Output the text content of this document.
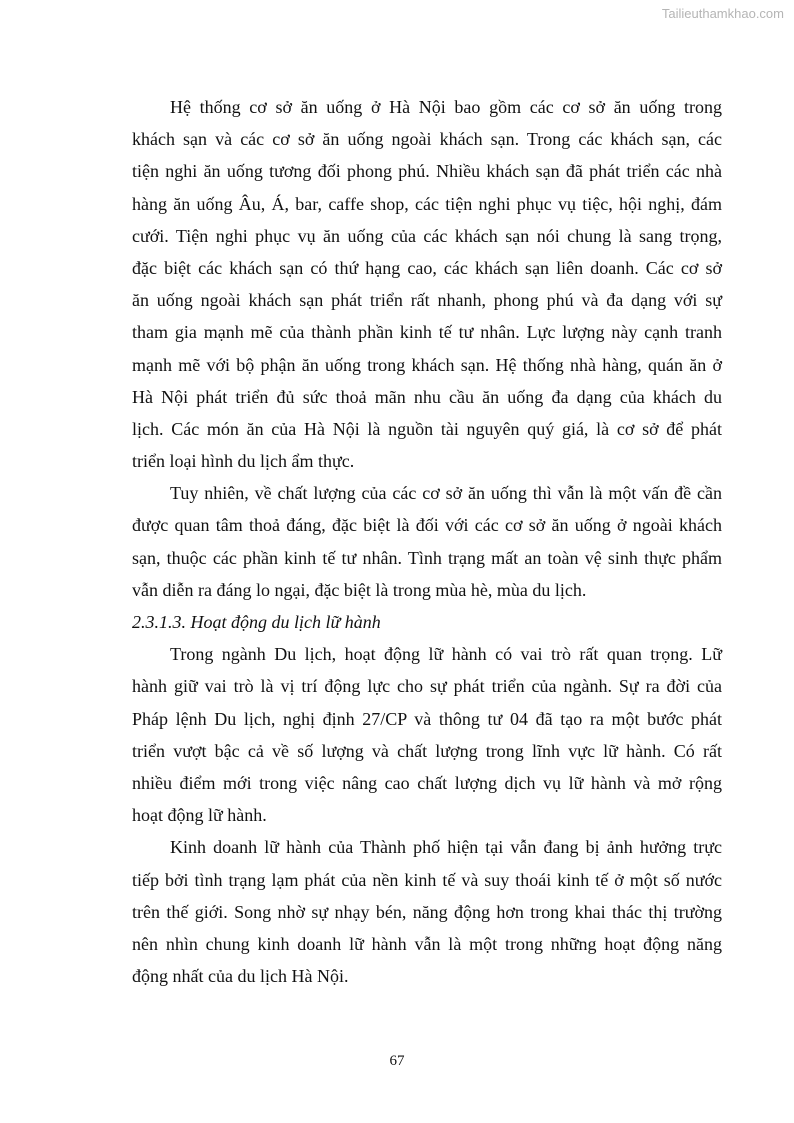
Tailieuthamkhao.com
Hệ thống cơ sở ăn uống ở Hà Nội bao gồm các cơ sở ăn uống trong
khách sạn và các cơ sở ăn uống ngoài khách sạn. Trong các khách sạn, các
tiện nghi ăn uống tương đối phong phú. Nhiều khách sạn đã phát triển các nhà
hàng ăn uống Âu, Á, bar, caffe shop, các tiện nghi phục vụ tiệc, hội nghị, đám
cưới. Tiện nghi phục vụ ăn uống của các khách sạn nói chung là sang trọng,
đặc biệt các khách sạn có thứ hạng cao, các khách sạn liên doanh. Các cơ sở
ăn uống ngoài khách sạn phát triển rất nhanh, phong phú và đa dạng với sự
tham gia mạnh mẽ của thành phần kinh tế tư nhân. Lực lượng này cạnh tranh
mạnh mẽ với bộ phận ăn uống trong khách sạn. Hệ thống nhà hàng, quán ăn ở
Hà Nội phát triển đủ sức thoả mãn nhu cầu ăn uống đa dạng của khách du
lịch. Các món ăn của Hà Nội là nguồn tài nguyên quý giá, là cơ sở để phát
triển loại hình du lịch ẩm thực.
Tuy nhiên, về chất lượng của các cơ sở ăn uống thì vẫn là một vấn đề cần
được quan tâm thoả đáng, đặc biệt là đối với các cơ sở ăn uống ở ngoài khách
sạn, thuộc các phần kinh tế tư nhân. Tình trạng mất an toàn vệ sinh thực phẩm
vẫn diễn ra đáng lo ngại, đặc biệt là trong mùa hè, mùa du lịch.
2.3.1.3. Hoạt động du lịch lữ hành
Trong ngành Du lịch, hoạt động lữ hành có vai trò rất quan trọng. Lữ
hành giữ vai trò là vị trí động lực cho sự phát triển của ngành. Sự ra đời của
Pháp lệnh Du lịch, nghị định 27/CP và thông tư 04 đã tạo ra một bước phát
triển vượt bậc cả về số lượng và chất lượng trong lĩnh vực lữ hành. Có rất
nhiều điểm mới trong việc nâng cao chất lượng dịch vụ lữ hành và mở rộng
hoạt động lữ hành.
Kinh doanh lữ hành của Thành phố hiện tại vẫn đang bị ảnh hưởng trực
tiếp bởi tình trạng lạm phát của nền kinh tế và suy thoái kinh tế ở một số nước
trên thế giới. Song nhờ sự nhạy bén, năng động hơn trong khai thác thị trường
nên nhìn chung kinh doanh lữ hành vẫn là một trong những hoạt động năng
động nhất của du lịch Hà Nội.
67
